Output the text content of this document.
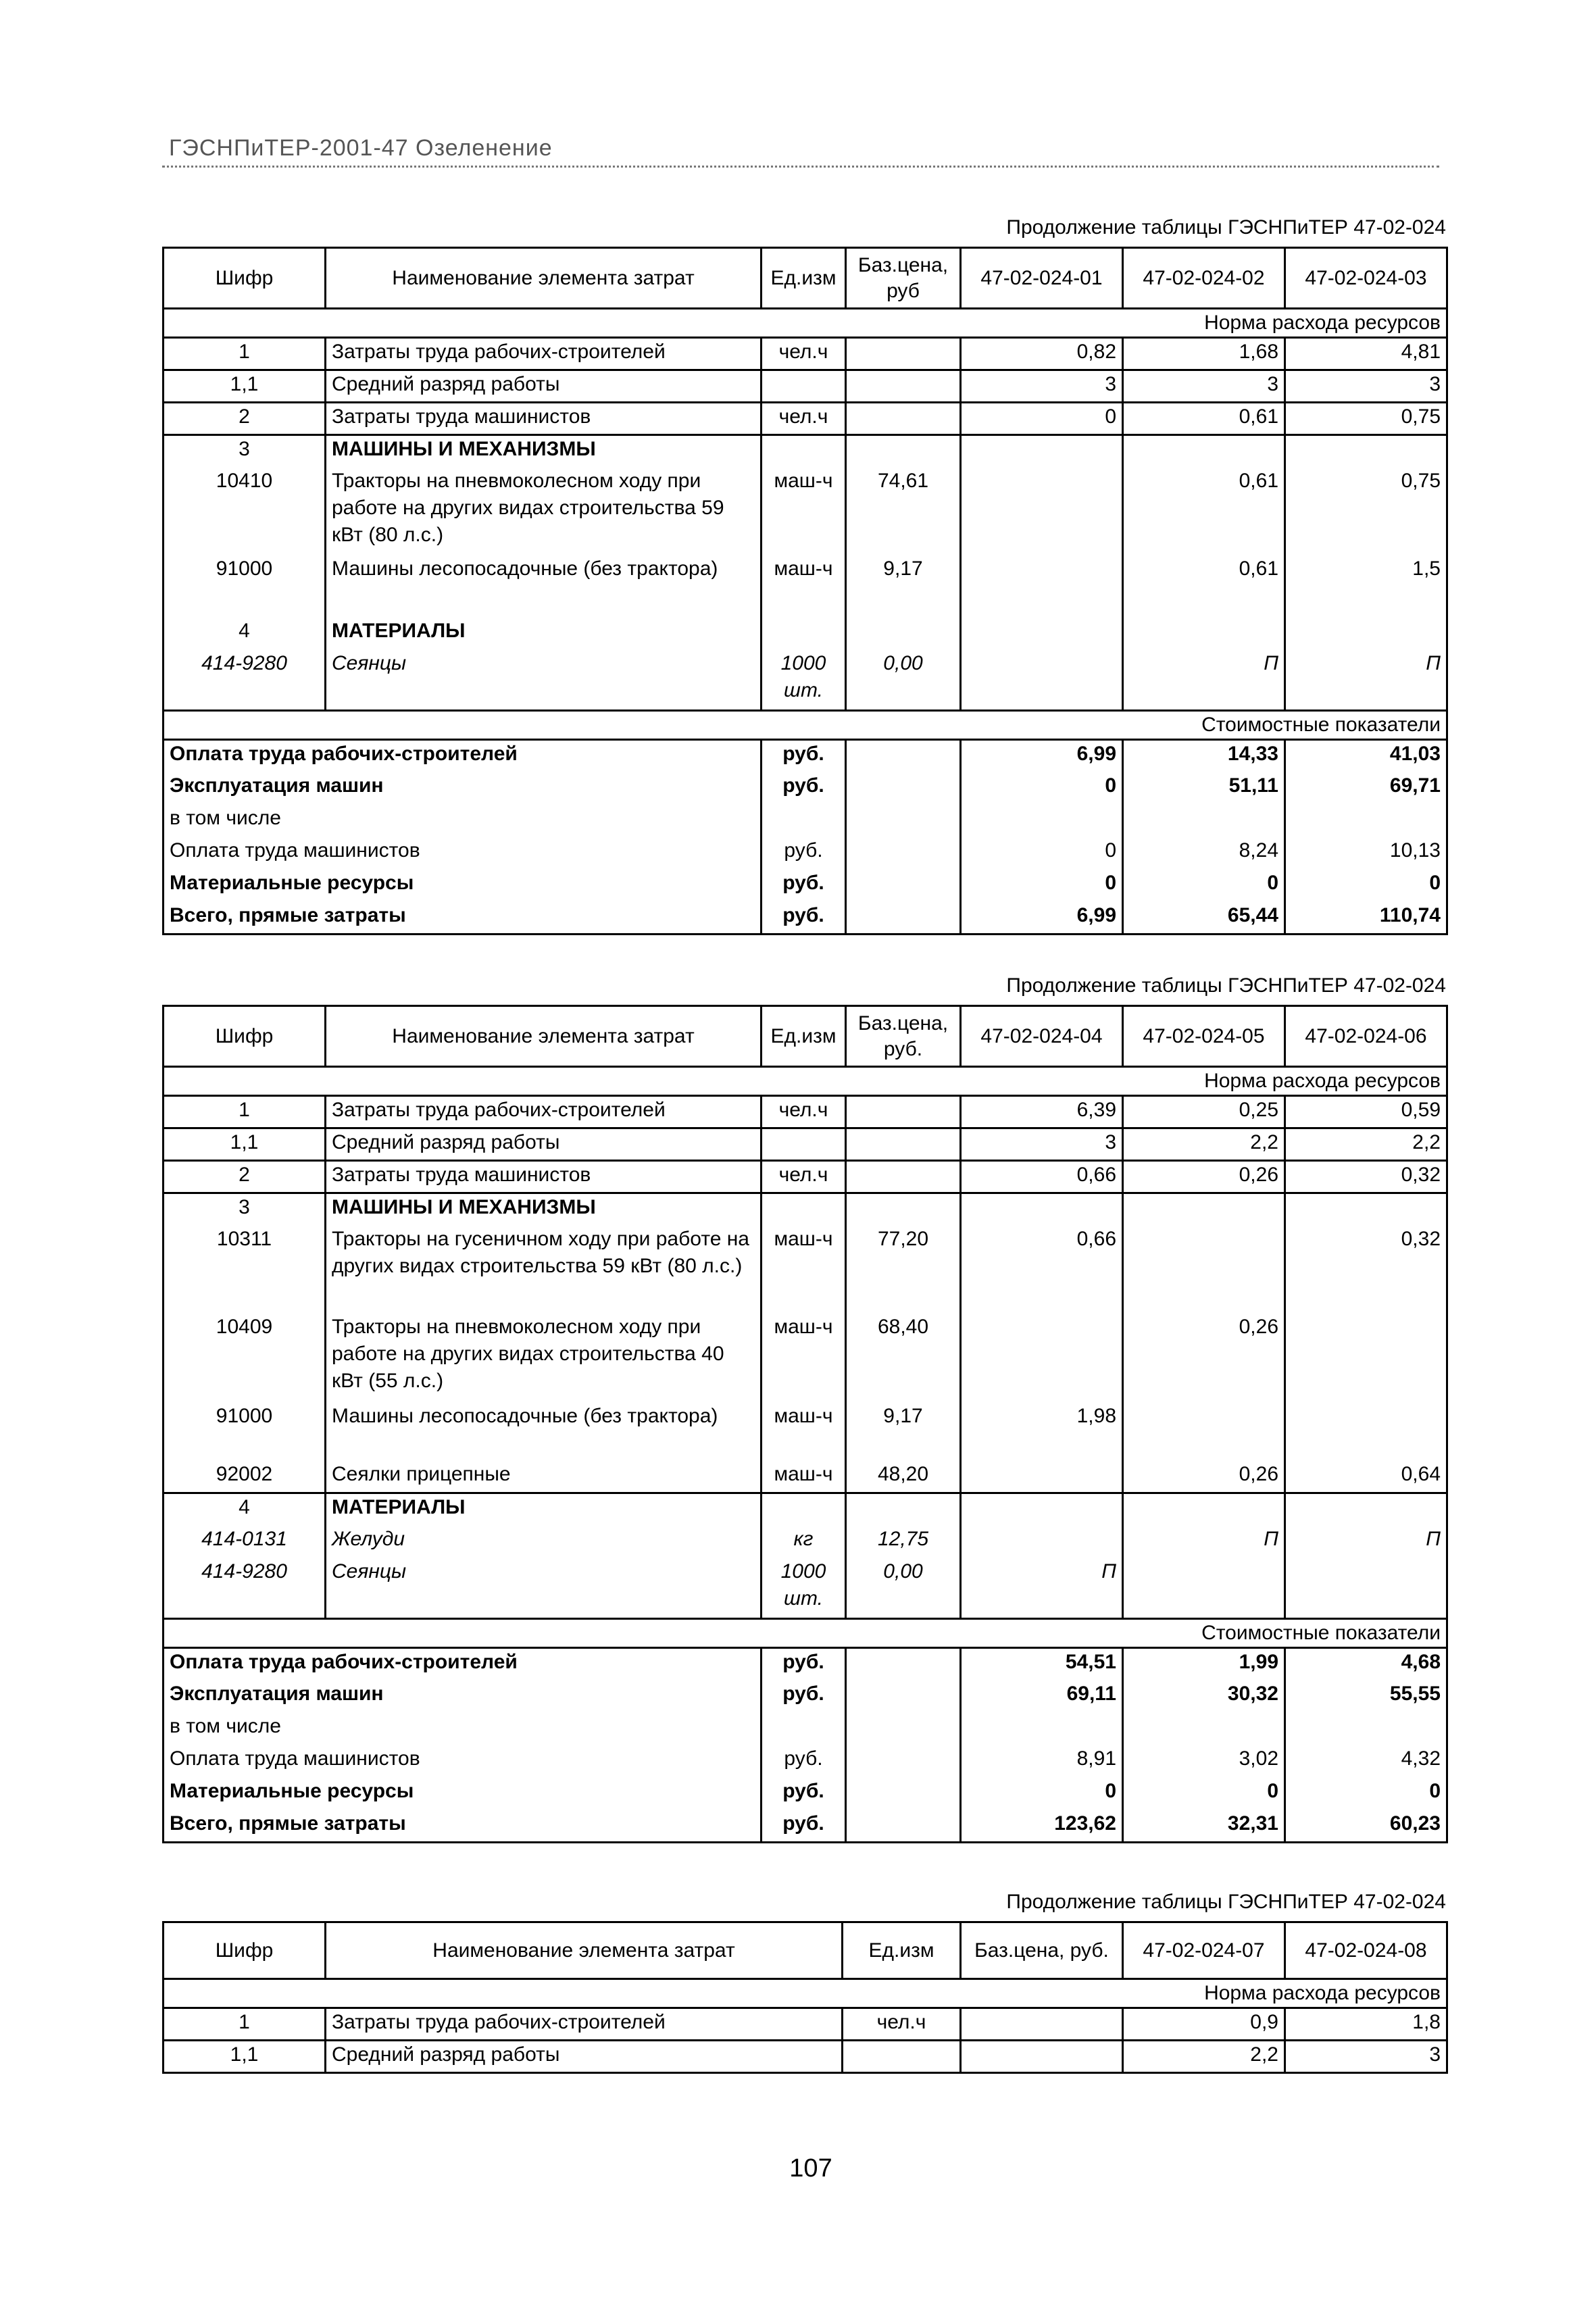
ГЭСНПиТЕР-2001-47 Озеленение
Продолжение таблицы ГЭСНПиТЕР 47-02-024
Шифр	Наименование элемента затрат	Ед.изм	Баз.цена, руб	47-02-024-01	47-02-024-02	47-02-024-03
Норма расхода ресурсов						
1	Затраты труда рабочих-строителей	чел.ч		0,82	1,68	4,81
1,1	Средний разряд работы			3	3	3
2	Затраты труда машинистов	чел.ч		0	0,61	0,75
3	МАШИНЫ И МЕХАНИЗМЫ					
10410	Тракторы на пневмоколесном ходу при работе на других видах строительства 59 кВт (80 л.с.)	маш-ч	74,61		0,61	0,75
91000	Машины лесопосадочные (без трактора)	маш-ч	9,17		0,61	1,5
4	МАТЕРИАЛЫ					
414-9280	Сеянцы	1000 шт.	0,00		П	П
Стоимостные показатели						
Оплата труда рабочих-строителей		руб.		6,99	14,33	41,03
Эксплуатация машин		руб.		0	51,11	69,71
в том числе						
Оплата труда машинистов		руб.		0	8,24	10,13
Материальные ресурсы		руб.		0	0	0
Всего, прямые затраты		руб.		6,99	65,44	110,74
Продолжение таблицы ГЭСНПиТЕР 47-02-024
Шифр	Наименование элемента затрат	Ед.изм	Баз.цена, руб.	47-02-024-04	47-02-024-05	47-02-024-06
Норма расхода ресурсов						
1	Затраты труда рабочих-строителей	чел.ч		6,39	0,25	0,59
1,1	Средний разряд работы			3	2,2	2,2
2	Затраты труда машинистов	чел.ч		0,66	0,26	0,32
3	МАШИНЫ И МЕХАНИЗМЫ					
10311	Тракторы на гусеничном ходу при работе на других видах строительства 59 кВт (80 л.с.)	маш-ч	77,20	0,66		0,32
10409	Тракторы на пневмоколесном ходу при работе на других видах строительства 40 кВт (55 л.с.)	маш-ч	68,40		0,26	
91000	Машины лесопосадочные (без трактора)	маш-ч	9,17	1,98		
92002	Сеялки прицепные	маш-ч	48,20		0,26	0,64
4	МАТЕРИАЛЫ					
414-0131	Желуди	кг	12,75		П	П
414-9280	Сеянцы	1000 шт.	0,00	П		
Стоимостные показатели						
Оплата труда рабочих-строителей		руб.		54,51	1,99	4,68
Эксплуатация машин		руб.		69,11	30,32	55,55
в том числе						
Оплата труда машинистов		руб.		8,91	3,02	4,32
Материальные ресурсы		руб.		0	0	0
Всего, прямые затраты		руб.		123,62	32,31	60,23
Продолжение таблицы ГЭСНПиТЕР 47-02-024
Шифр	Наименование элемента затрат	Ед.изм	Баз.цена, руб.	47-02-024-07	47-02-024-08
Норма расхода ресурсов					
1	Затраты труда рабочих-строителей	чел.ч		0,9	1,8
1,1	Средний разряд работы			2,2	3
107
